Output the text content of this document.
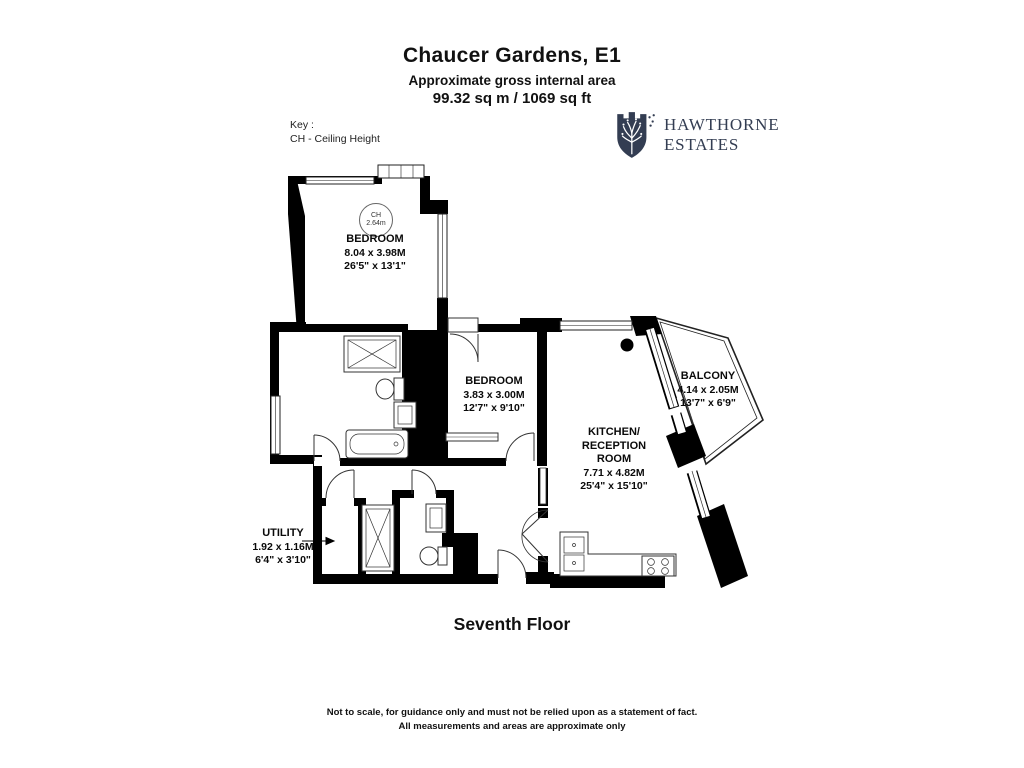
Chaucer Gardens, E1
Approximate gross internal area
99.32 sq m / 1069 sq ft
Key :
CH - Ceiling Height
HAWTHORNE
ESTATES
CH
2.64m
BEDROOM
8.04 x 3.98M
26'5" x 13'1"
BEDROOM
3.83 x 3.00M
12'7" x 9'10"
KITCHEN/
RECEPTION
ROOM
7.71 x 4.82M
25'4" x 15'10"
BALCONY
4.14 x 2.05M
13'7" x 6'9"
UTILITY
1.92 x 1.16M
6'4" x 3'10"
Seventh Floor
Not to scale, for guidance only and must not be relied upon as a statement of fact.
All measurements and areas are approximate only
